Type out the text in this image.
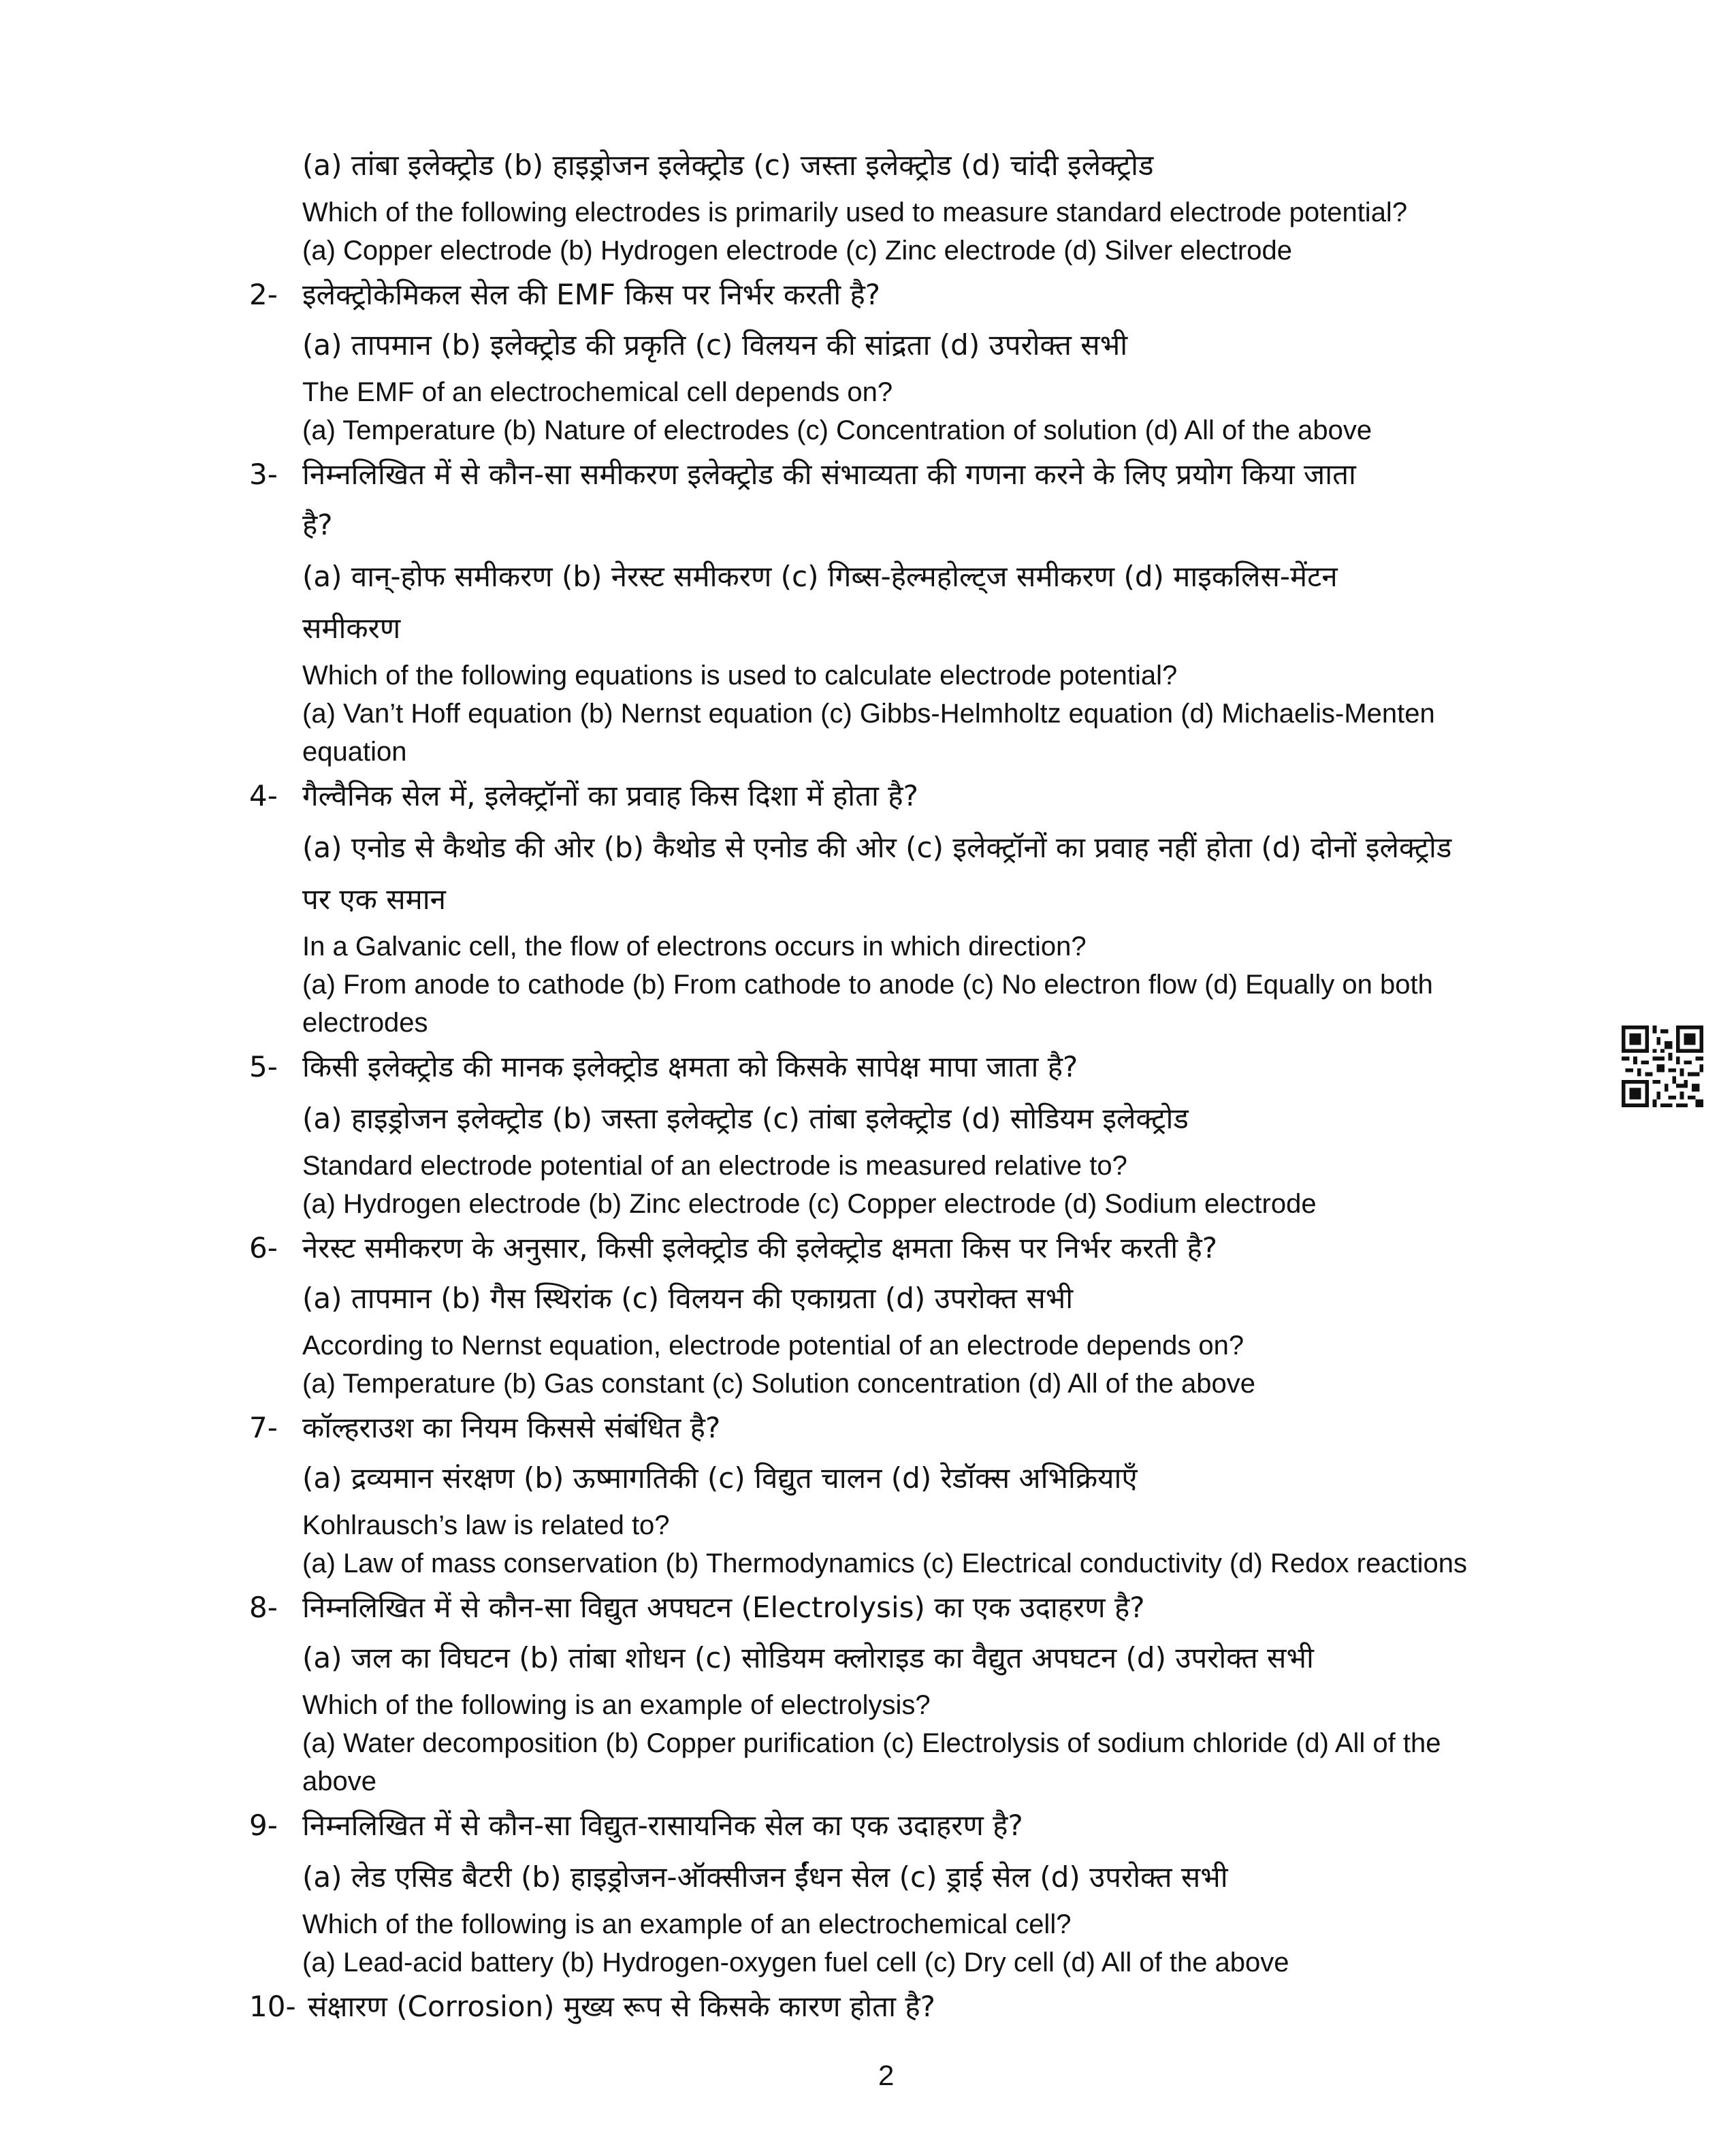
(a) तांबा इलेक्ट्रोड (b) हाइड्रोजन इलेक्ट्रोड (c) जस्ता इलेक्ट्रोड (d) चांदी इलेक्ट्रोड
Which of the following electrodes is primarily used to measure standard electrode potential?
(a) Copper electrode (b) Hydrogen electrode (c) Zinc electrode (d) Silver electrode
2- इलेक्ट्रोकेमिकल सेल की EMF किस पर निर्भर करती है?
(a) तापमान (b) इलेक्ट्रोड की प्रकृति (c) विलयन की सांद्रता (d) उपरोक्त सभी
The EMF of an electrochemical cell depends on?
(a) Temperature (b) Nature of electrodes (c) Concentration of solution (d) All of the above
3- निम्नलिखित में से कौन-सा समीकरण इलेक्ट्रोड की संभाव्यता की गणना करने के लिए प्रयोग किया जाता
है?
(a) वान्-होफ समीकरण (b) नेरस्ट समीकरण (c) गिब्स-हेल्महोल्ट्ज समीकरण (d) माइकलिस-मेंटन
समीकरण
Which of the following equations is used to calculate electrode potential?
(a) Van’t Hoff equation (b) Nernst equation (c) Gibbs-Helmholtz equation (d) Michaelis-Menten
equation
4- गैल्वैनिक सेल में, इलेक्ट्रॉनों का प्रवाह किस दिशा में होता है?
(a) एनोड से कैथोड की ओर (b) कैथोड से एनोड की ओर (c) इलेक्ट्रॉनों का प्रवाह नहीं होता (d) दोनों इलेक्ट्रोड
पर एक समान
In a Galvanic cell, the flow of electrons occurs in which direction?
(a) From anode to cathode (b) From cathode to anode (c) No electron flow (d) Equally on both
electrodes
5- किसी इलेक्ट्रोड की मानक इलेक्ट्रोड क्षमता को किसके सापेक्ष मापा जाता है?
(a) हाइड्रोजन इलेक्ट्रोड (b) जस्ता इलेक्ट्रोड (c) तांबा इलेक्ट्रोड (d) सोडियम इलेक्ट्रोड
Standard electrode potential of an electrode is measured relative to?
(a) Hydrogen electrode (b) Zinc electrode (c) Copper electrode (d) Sodium electrode
6- नेरस्ट समीकरण के अनुसार, किसी इलेक्ट्रोड की इलेक्ट्रोड क्षमता किस पर निर्भर करती है?
(a) तापमान (b) गैस स्थिरांक (c) विलयन की एकाग्रता (d) उपरोक्त सभी
According to Nernst equation, electrode potential of an electrode depends on?
(a) Temperature (b) Gas constant (c) Solution concentration (d) All of the above
7- कॉल्हराउश का नियम किससे संबंधित है?
(a) द्रव्यमान संरक्षण (b) ऊष्मागतिकी (c) विद्युत चालन (d) रेडॉक्स अभिक्रियाएँ
Kohlrausch’s law is related to?
(a) Law of mass conservation (b) Thermodynamics (c) Electrical conductivity (d) Redox reactions
8- निम्नलिखित में से कौन-सा विद्युत अपघटन (Electrolysis) का एक उदाहरण है?
(a) जल का विघटन (b) तांबा शोधन (c) सोडियम क्लोराइड का वैद्युत अपघटन (d) उपरोक्त सभी
Which of the following is an example of electrolysis?
(a) Water decomposition (b) Copper purification (c) Electrolysis of sodium chloride (d) All of the
above
9- निम्नलिखित में से कौन-सा विद्युत-रासायनिक सेल का एक उदाहरण है?
(a) लेड एसिड बैटरी (b) हाइड्रोजन-ऑक्सीजन ईंधन सेल (c) ड्राई सेल (d) उपरोक्त सभी
Which of the following is an example of an electrochemical cell?
(a) Lead-acid battery (b) Hydrogen-oxygen fuel cell (c) Dry cell (d) All of the above
10- संक्षारण (Corrosion) मुख्य रूप से किसके कारण होता है?
2
